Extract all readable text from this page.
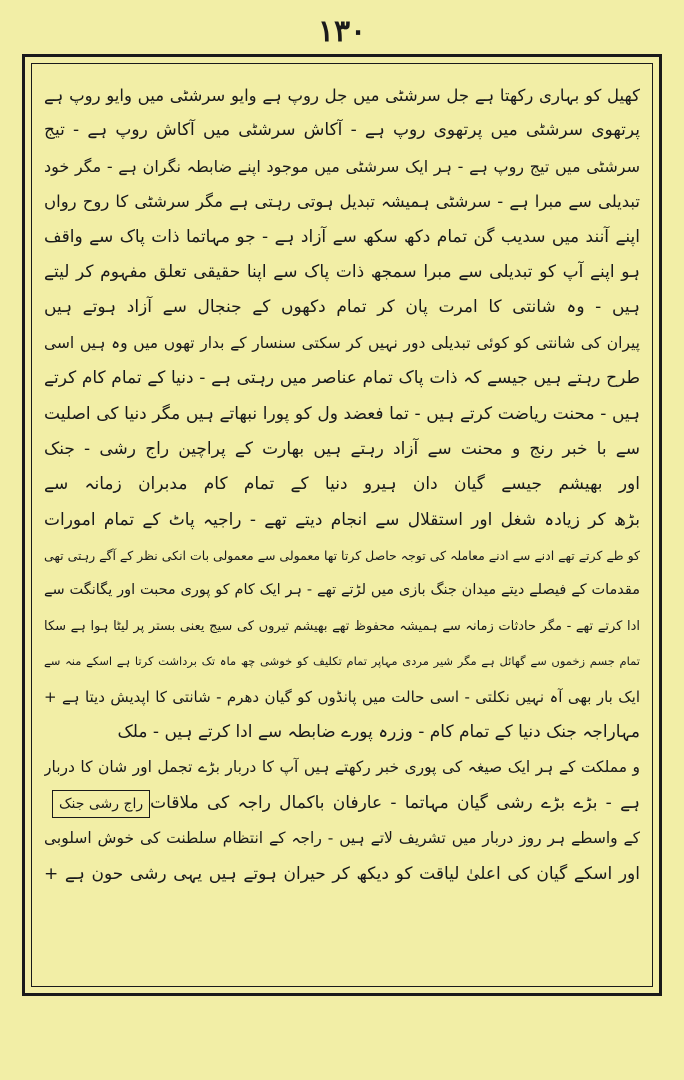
۱۳۰
کھیل کو بہاری رکھتا ہے جل سرشٹی میں جل روپ ہے وایو سرشٹی میں وایو روپ ہے
پرتھوی سرشٹی میں پرتھوی روپ ہے - آکاش سرشٹی میں آکاش روپ ہے - تیج
سرشٹی میں تیج روپ ہے - ہر ایک سرشٹی میں موجود اپنے ضابطہ نگران ہے - مگر خود
تبدیلی سے مبرا ہے - سرشٹی ہمیشہ تبدیل ہوتی رہتی ہے مگر سرشٹی کا روح رواں
اپنے آنند میں سدیب گن تمام دکھ سکھ سے آزاد ہے - جو مہاتما ذات پاک سے واقف
ہو اپنے آپ کو تبدیلی سے مبرا سمجھ ذات پاک سے اپنا حقیقی تعلق مفہوم کر لیتے
ہیں - وہ شانتی کا امرت پان کر تمام دکھوں کے جنجال سے آزاد ہوتے ہیں
پیران کی شانتی کو کوئی تبدیلی دور نہیں کر سکتی سنسار کے بدار تھوں میں وہ ہیں اسی
طرح رہتے ہیں جیسے کہ ذات پاک تمام عناصر میں رہتی ہے - دنیا کے تمام کام کرتے
ہیں - محنت ریاضت کرتے ہیں - تما فعضد ول کو پورا نبھاتے ہیں مگر دنیا کی اصلیت
سے با خبر رنج و محنت سے آزاد رہتے ہیں بھارت کے پراچین راج رشی - جنک
اور بھیشم جیسے گیان دان ہیرو دنیا کے تمام کام مدبران زمانہ سے
بڑھ کر زیادہ شغل اور استقلال سے انجام دیتے تھے - راجیہ پاٹ کے تمام امورات
کو طے کرتے تھے ادنے سے ادنے معاملہ کی توجہ حاصل کرتا تھا معمولی سے معمولی بات انکی نظر کے آگے رہتی تھی
مقدمات کے فیصلے دیتے میدان جنگ بازی میں لڑتے تھے - ہر ایک کام کو پوری محبت اور یگانگت سے
ادا کرتے تھے - مگر حادثات زمانہ سے ہمیشہ محفوظ تھے بھیشم تیروں کی سیج یعنی بستر پر لیٹا ہوا ہے سکا
تمام جسم زخموں سے گھائل ہے مگر شیر مردی مہاپر تمام تکلیف کو خوشی چھ ماہ تک برداشت کرتا ہے اسکے منہ سے
ایک بار بھی آہ نہیں نکلتی - اسی حالت میں پانڈوں کو گیان دھرم - شانتی کا اپدیش دیتا ہے +
مہاراجہ جنک دنیا کے تمام کام - وزرہ پورے ضابطہ سے ادا کرتے ہیں - ملک
و مملکت کے ہر ایک صیغہ کی پوری خبر رکھتے ہیں آپ کا دربار بڑے تجمل اور شان کا دربار
ہے - بڑے بڑے رشی گیان مہاتما - عارفان باکمال راجہ کی ملاقات
راج رشی جنک
کے واسطے ہر روز دربار میں تشریف لاتے ہیں - راجہ کے انتظام سلطنت کی خوش اسلوبی
اور اسکے گیان کی اعلیٰ لیاقت کو دیکھ کر حیران ہوتے ہیں یہی رشی حون ہے +
